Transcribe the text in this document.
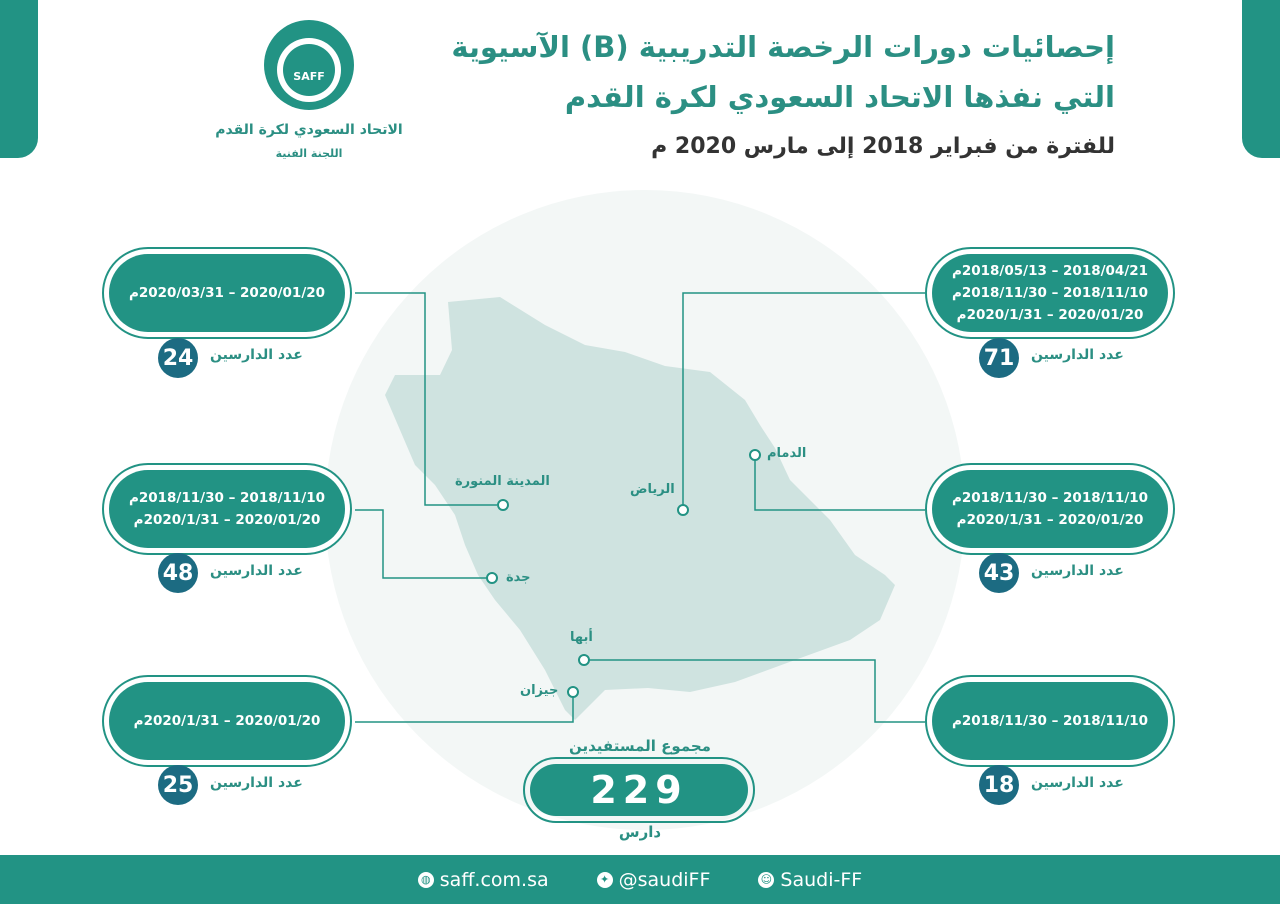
إحصائيات دورات الرخصة التدريبية (B) الآسيوية
التي نفذها الاتحاد السعودي لكرة القدم
للفترة من فبراير 2018 إلى مارس 2020 م
SAFF
الاتحاد السعودي لكرة القدم
اللجنة الفنية
المدينة المنورة
الرياض
الدمام
جدة
أبها
جيزان
2020/01/20 – 2020/03/31م
عدد الدارسين
24
2018/04/21 – 2018/05/13م
2018/11/10 – 2018/11/30م
2020/01/20 – 2020/1/31م
عدد الدارسين
71
2018/11/10 – 2018/11/30م
2020/01/20 – 2020/1/31م
عدد الدارسين
48
2018/11/10 – 2018/11/30م
2020/01/20 – 2020/1/31م
عدد الدارسين
43
2020/01/20 – 2020/1/31م
عدد الدارسين
25
2018/11/10 – 2018/11/30م
عدد الدارسين
18
مجموع المستفيدين
229
دارس
◍ saff.com.sa	✦ @saudiFF	☺ Saudi-FF
